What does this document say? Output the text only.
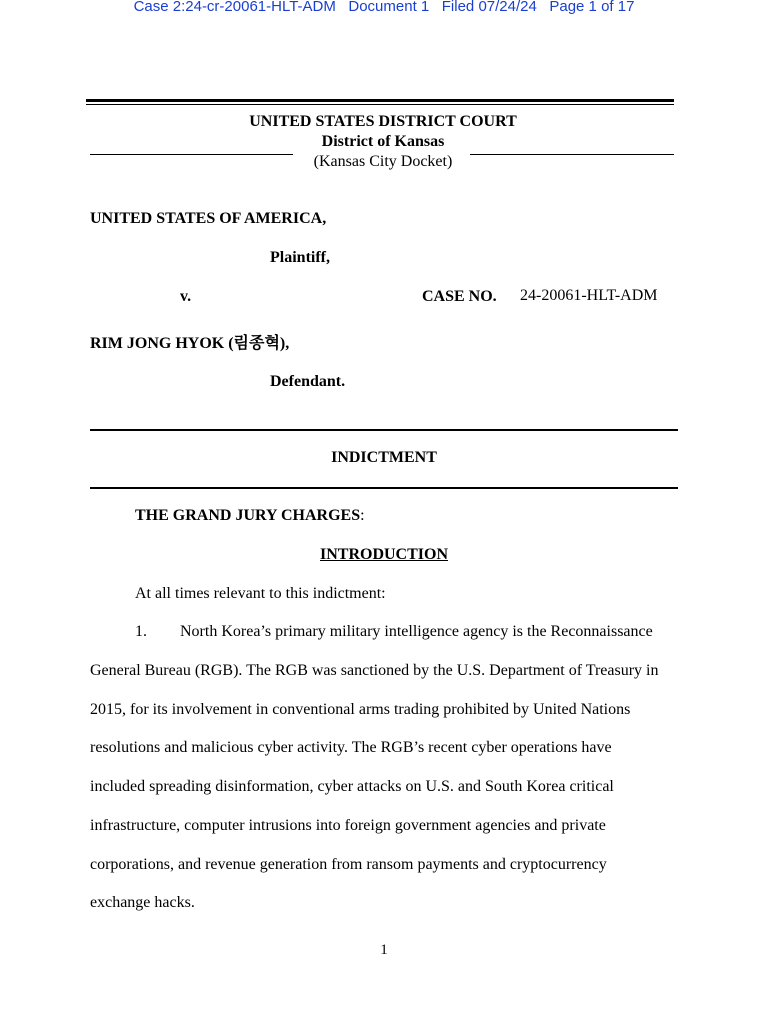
Case 2:24-cr-20061-HLT-ADM Document 1 Filed 07/24/24 Page 1 of 17
UNITED STATES DISTRICT COURT
District of Kansas
(Kansas City Docket)
UNITED STATES OF AMERICA,
Plaintiff,
v.	CASE NO. 24-20061-HLT-ADM
RIM JONG HYOK (림종혁),
Defendant.
INDICTMENT
THE GRAND JURY CHARGES:
INTRODUCTION
At all times relevant to this indictment:
1. North Korea’s primary military intelligence agency is the Reconnaissance
General Bureau (RGB). The RGB was sanctioned by the U.S. Department of Treasury in
2015, for its involvement in conventional arms trading prohibited by United Nations
resolutions and malicious cyber activity. The RGB’s recent cyber operations have
included spreading disinformation, cyber attacks on U.S. and South Korea critical
infrastructure, computer intrusions into foreign government agencies and private
corporations, and revenue generation from ransom payments and cryptocurrency
exchange hacks.
1
